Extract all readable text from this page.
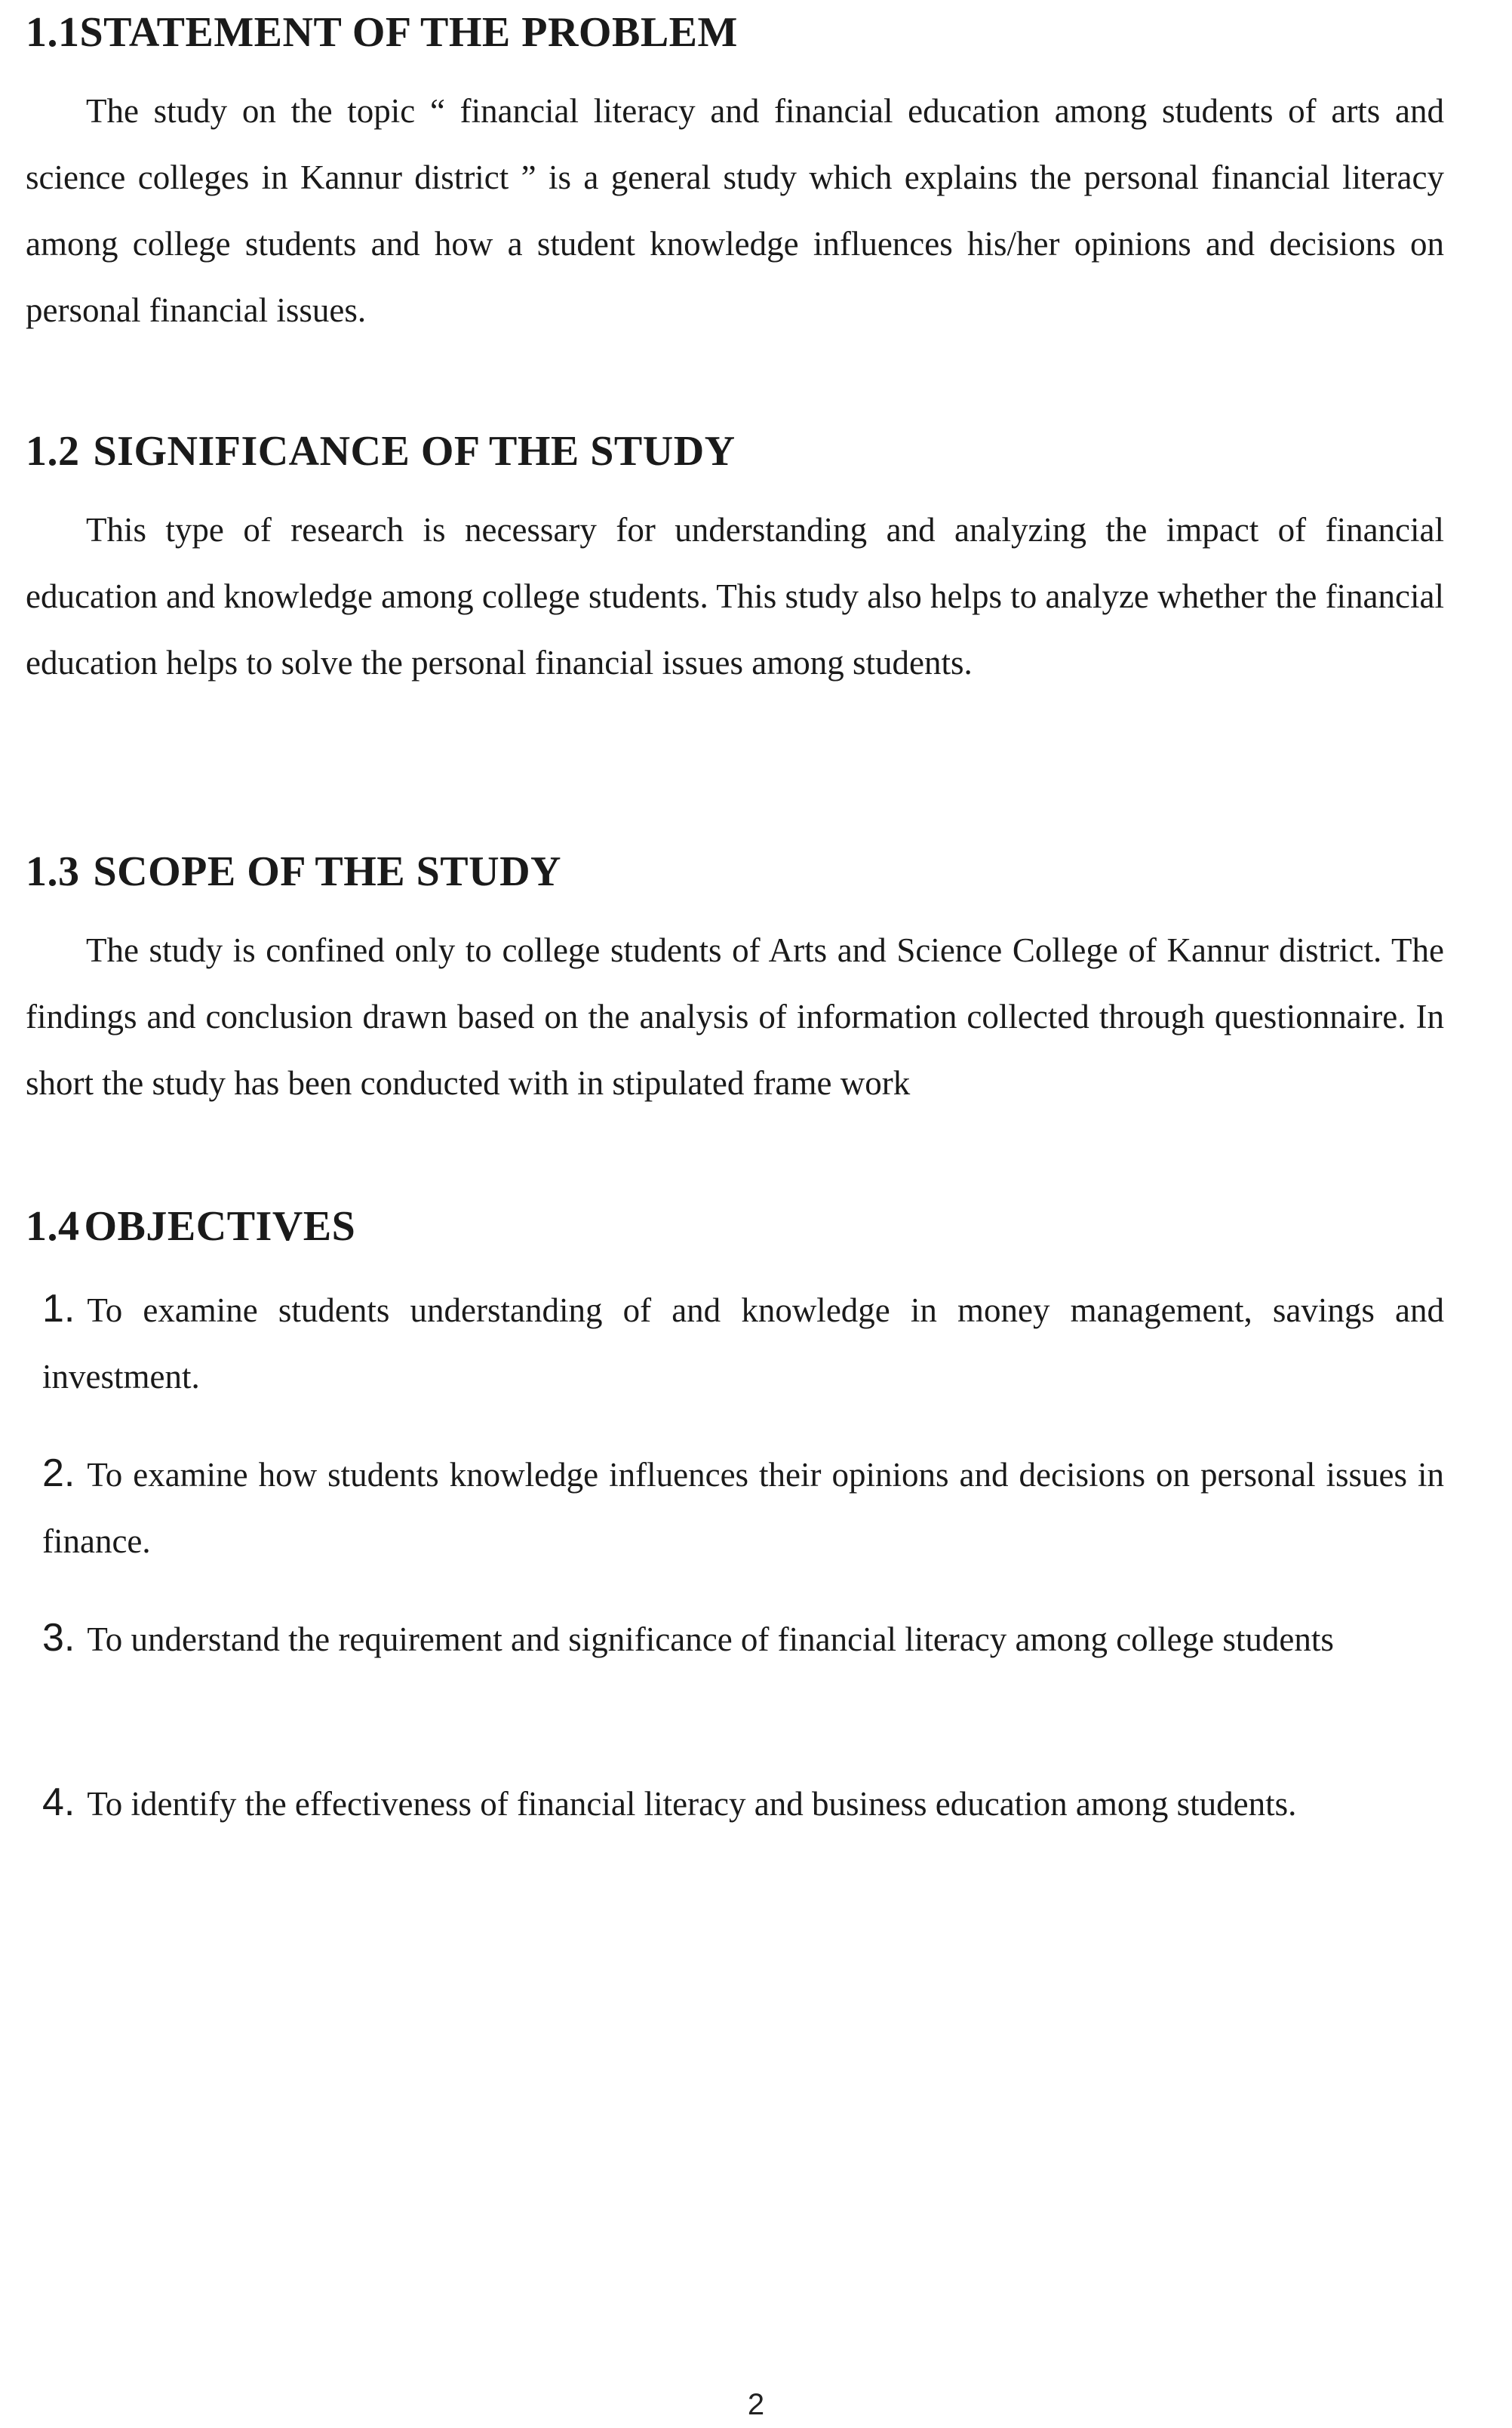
1.1STATEMENT OF THE PROBLEM

The study on the topic “ financial literacy and financial education among students of arts and science colleges in Kannur district ” is a general study which explains the personal financial literacy among college students and how a student knowledge influences his/her opinions and decisions on personal financial issues.

1.2 SIGNIFICANCE OF THE STUDY

This type of research is necessary for understanding and analyzing the impact of financial education and knowledge among college students. This study also helps to analyze whether the financial education helps to solve the personal financial issues among students.

1.3 SCOPE OF THE STUDY

The study is confined only to college students of Arts and Science College of Kannur district. The findings and conclusion drawn based on the analysis of information collected through questionnaire. In short the study has been conducted with in stipulated frame work

1.4 OBJECTIVES
1. To examine students understanding of and knowledge in money management, savings and investment.
2. To examine how students knowledge influences their opinions and decisions on personal issues in finance.
3. To understand the requirement and significance of financial literacy among college students
4. To identify the effectiveness of financial literacy and business education among students.
2
